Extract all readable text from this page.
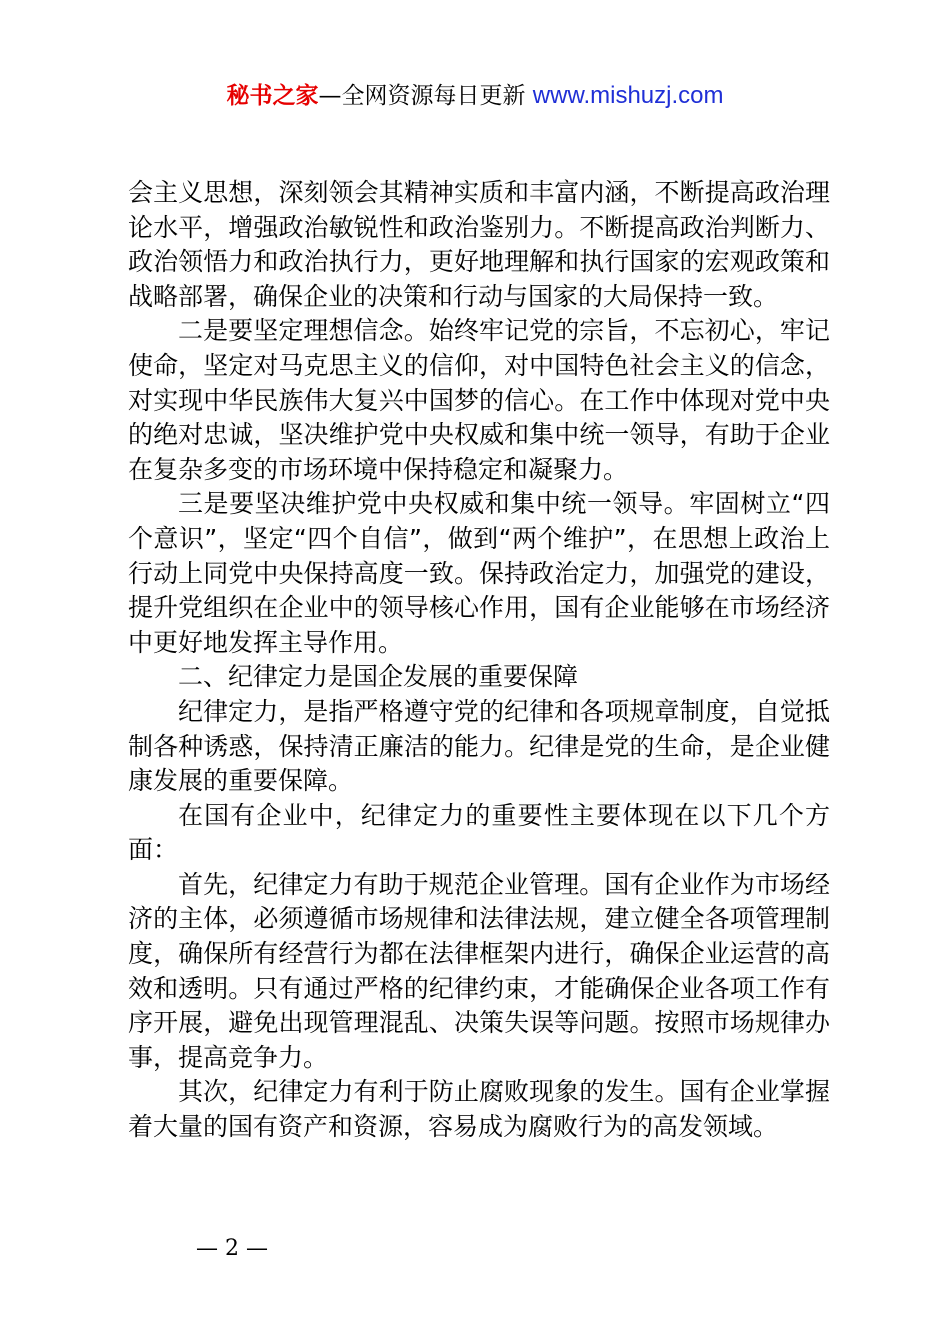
秘书之家—全网资源每日更新 www.mishuzj.com

会主义思想，深刻领会其精神实质和丰富内涵，不断提高政治理论水平，增强政治敏锐性和政治鉴别力。不断提高政治判断力、政治领悟力和政治执行力，更好地理解和执行国家的宏观政策和战略部署，确保企业的决策和行动与国家的大局保持一致。

二是要坚定理想信念。始终牢记党的宗旨，不忘初心，牢记使命，坚定对马克思主义的信仰，对中国特色社会主义的信念，对实现中华民族伟大复兴中国梦的信心。在工作中体现对党中央的绝对忠诚，坚决维护党中央权威和集中统一领导，有助于企业在复杂多变的市场环境中保持稳定和凝聚力。

三是要坚决维护党中央权威和集中统一领导。牢固树立“四个意识”，坚定“四个自信”，做到“两个维护”，在思想上政治上行动上同党中央保持高度一致。保持政治定力，加强党的建设，提升党组织在企业中的领导核心作用，国有企业能够在市场经济中更好地发挥主导作用。

二、纪律定力是国企发展的重要保障

纪律定力，是指严格遵守党的纪律和各项规章制度，自觉抵制各种诱惑，保持清正廉洁的能力。纪律是党的生命，是企业健康发展的重要保障。

在国有企业中，纪律定力的重要性主要体现在以下几个方面：

首先，纪律定力有助于规范企业管理。国有企业作为市场经济的主体，必须遵循市场规律和法律法规，建立健全各项管理制度，确保所有经营行为都在法律框架内进行，确保企业运营的高效和透明。只有通过严格的纪律约束，才能确保企业各项工作有序开展，避免出现管理混乱、决策失误等问题。按照市场规律办事，提高竞争力。

其次，纪律定力有利于防止腐败现象的发生。国有企业掌握着大量的国有资产和资源，容易成为腐败行为的高发领域。

— 2 —
